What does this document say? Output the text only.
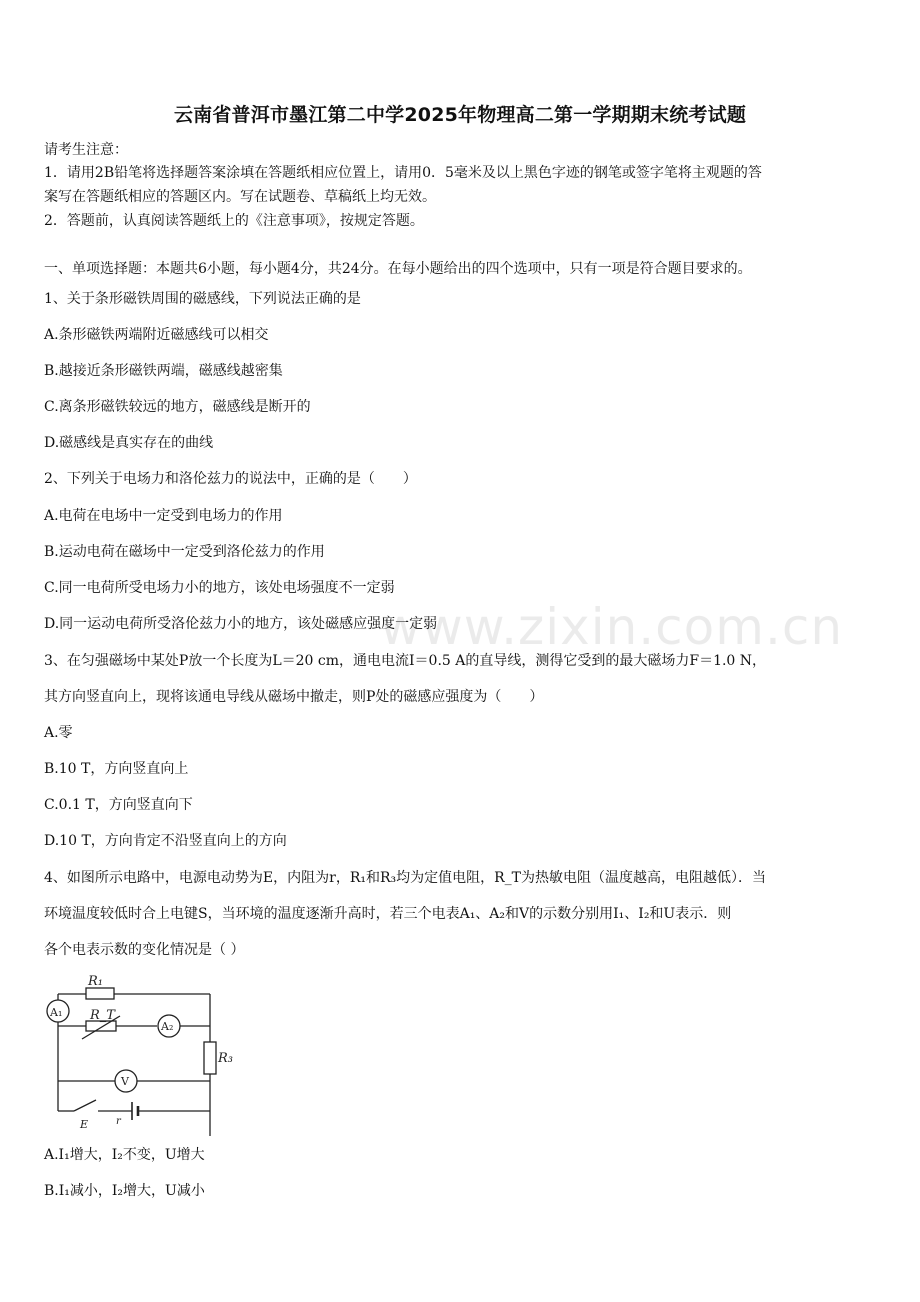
云南省普洱市墨江第二中学2025年物理高二第一学期期末统考试题
请考生注意：
1．请用2B铅笔将选择题答案涂填在答题纸相应位置上，请用0．5毫米及以上黑色字迹的钢笔或签字笔将主观题的答
案写在答题纸相应的答题区内。写在试题卷、草稿纸上均无效。
2．答题前，认真阅读答题纸上的《注意事项》，按规定答题。
一、单项选择题：本题共6小题，每小题4分，共24分。在每小题给出的四个选项中，只有一项是符合题目要求的。
1、关于条形磁铁周围的磁感线，下列说法正确的是
A.条形磁铁两端附近磁感线可以相交
B.越接近条形磁铁两端，磁感线越密集
C.离条形磁铁较远的地方，磁感线是断开的
D.磁感线是真实存在的曲线
2、下列关于电场力和洛伦兹力的说法中，正确的是（　　）
A.电荷在电场中一定受到电场力的作用
B.运动电荷在磁场中一定受到洛伦兹力的作用
C.同一电荷所受电场力小的地方，该处电场强度不一定弱
D.同一运动电荷所受洛伦兹力小的地方，该处磁感应强度一定弱
3、在匀强磁场中某处P放一个长度为L＝20 cm，通电电流I＝0.5 A的直导线，测得它受到的最大磁场力F＝1.0 N，
其方向竖直向上，现将该通电导线从磁场中撤走，则P处的磁感应强度为（　　）
A.零
B.10 T，方向竖直向上
C.0.1 T，方向竖直向下
D.10 T，方向肯定不沿竖直向上的方向
4、如图所示电路中，电源电动势为E，内阻为r，R₁和R₃均为定值电阻，R_T为热敏电阻（温度越高，电阻越低）．当
环境温度较低时合上电键S，当环境的温度逐渐升高时，若三个电表A₁、A₂和V的示数分别用I₁、I₂和U表示．则
各个电表示数的变化情况是（ ）
R₁
R_T
R₃
A₁
A₂
V
E	r
A.I₁增大，I₂不变，U增大
B.I₁减小，I₂增大，U减小
www.zixin.com.cn
